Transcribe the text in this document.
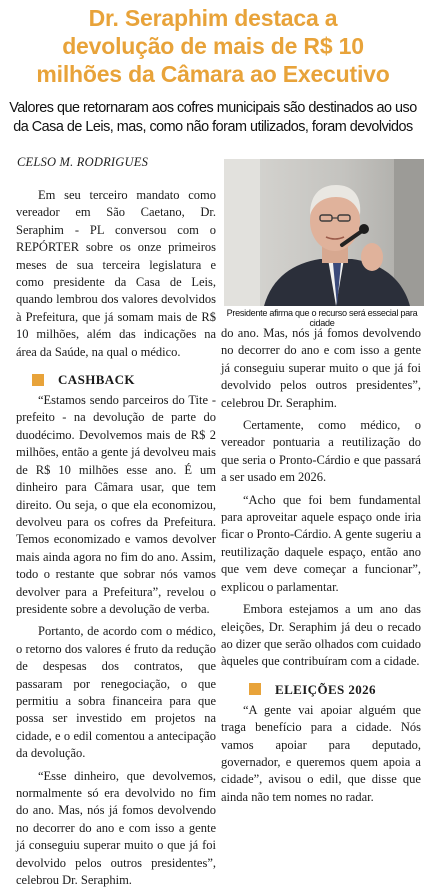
Dr. Seraphim destaca a
devolução de mais de R$ 10
milhões da Câmara ao Executivo
Valores que retornaram aos cofres municipais são destinados ao uso
da Casa de Leis, mas, como não foram utilizados, foram devolvidos
CELSO M. RODRIGUES
Presidente afirma que o recurso será essecial para cidade

Em seu terceiro mandato como vereador em São Caetano, Dr. Seraphim - PL conversou com o REPÓRTER sobre os onze primeiros meses de sua terceira legislatura e como presidente da Casa de Leis, quando lembrou dos valores devolvidos à Prefeitura, que já somam mais de R$ 10 milhões, além das indicações na área da Saúde, na qual o médico.

CASHBACK

“Estamos sendo parceiros do Tite - prefeito - na devolução de parte do duodécimo. Devolvemos mais de R$ 2 milhões, então a gente já devolveu mais de R$ 10 milhões esse ano. É um dinheiro para Câmara usar, que tem direito. Ou seja, o que ela economizou, devolveu para os cofres da Prefeitura. Temos economizado e vamos devolver mais ainda agora no fim do ano. Assim, todo o restante que sobrar nós vamos devolver para a Prefeitura”, revelou o presidente sobre a devolução de verba.

Portanto, de acordo com o médico, o retorno dos valores é fruto da redução de despesas dos contratos, que passaram por renegociação, o que permitiu a sobra financeira para que possa ser investido em projetos na cidade, e o edil comentou a antecipação da devolução.

“Esse dinheiro, que devolvemos, normalmente só era devolvido no fim do ano. Mas, nós já fomos devolvendo no decorrer do ano e com isso a gente já conseguiu superar muito o que já foi devolvido pelos outros presidentes”, celebrou Dr. Seraphim.

do ano. Mas, nós já fomos devolvendo no decorrer do ano e com isso a gente já conseguiu superar muito o que já foi devolvido pelos outros presidentes”, celebrou Dr. Seraphim.

Certamente, como médico, o vereador pontuaria a reutilização do que seria o Pronto-Cárdio e que passará a ser usado em 2026.

“Acho que foi bem fundamental para aproveitar aquele espaço onde iria ficar o Pronto-Cárdio. A gente sugeriu a reutilização daquele espaço, então ano que vem deve começar a funcionar”, explicou o parlamentar.

Embora estejamos a um ano das eleições, Dr. Seraphim já deu o recado ao dizer que serão olhados com cuidado àqueles que contribuíram com a cidade.

ELEIÇÕES 2026

“A gente vai apoiar alguém que traga benefício para a cidade. Nós vamos apoiar para deputado, governador, e queremos quem apoia a cidade”, avisou o edil, que disse que ainda não tem nomes no radar.
